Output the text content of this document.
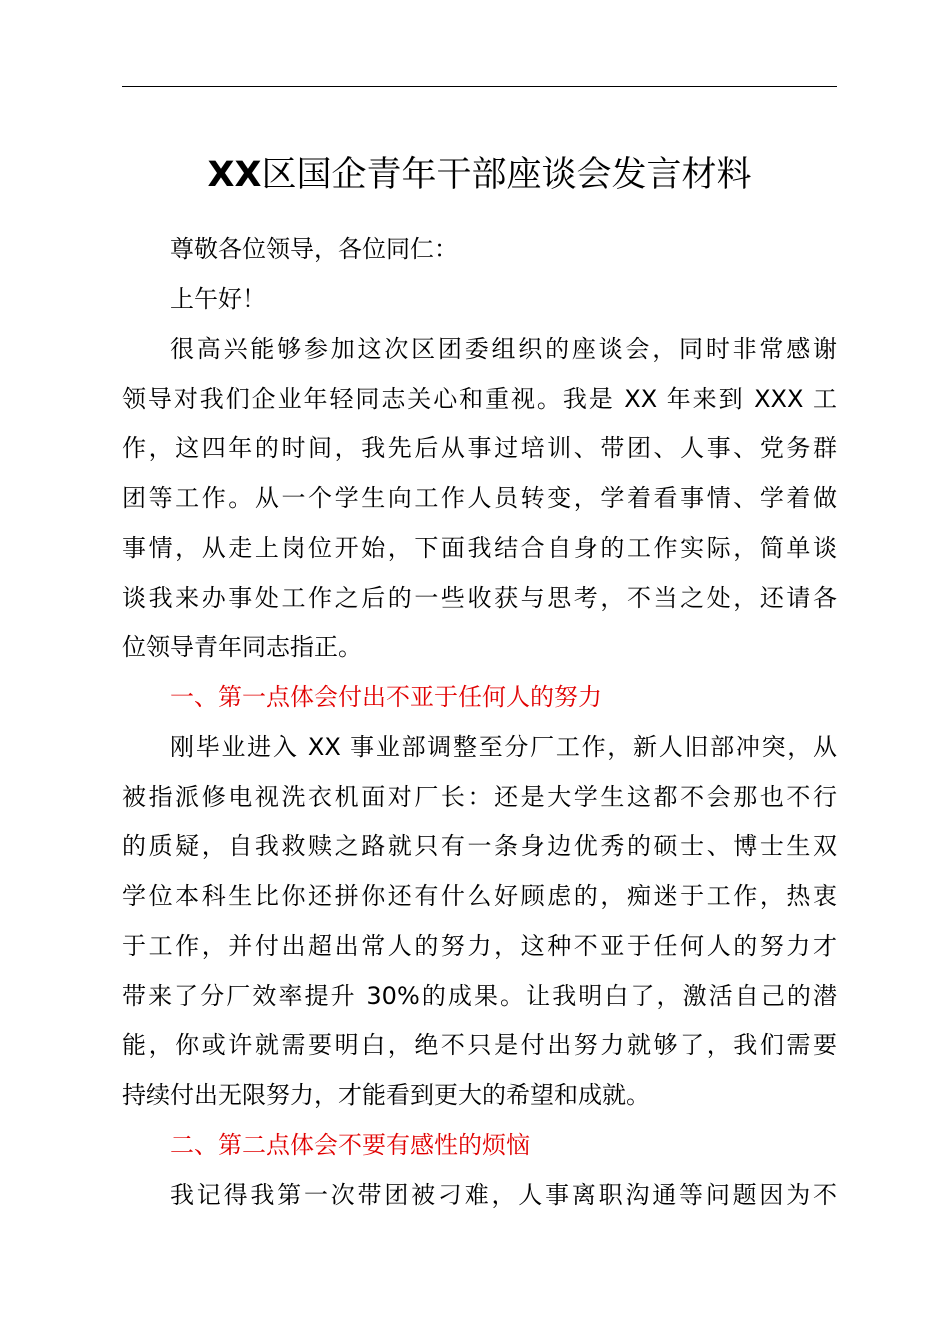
XX区国企青年干部座谈会发言材料
尊敬各位领导，各位同仁：
上午好！
很高兴能够参加这次区团委组织的座谈会，同时非常感谢
领导对我们企业年轻同志关心和重视。我是 XX 年来到 XXX 工
作，这四年的时间，我先后从事过培训、带团、人事、党务群
团等工作。从一个学生向工作人员转变，学着看事情、学着做
事情，从走上岗位开始，下面我结合自身的工作实际，简单谈
谈我来办事处工作之后的一些收获与思考，不当之处，还请各
位领导青年同志指正。
一、第一点体会付出不亚于任何人的努力
刚毕业进入 XX 事业部调整至分厂工作，新人旧部冲突，从
被指派修电视洗衣机面对厂长：还是大学生这都不会那也不行
的质疑，自我救赎之路就只有一条身边优秀的硕士、博士生双
学位本科生比你还拼你还有什么好顾虑的，痴迷于工作，热衷
于工作，并付出超出常人的努力，这种不亚于任何人的努力才
带来了分厂效率提升 30%的成果。让我明白了，激活自己的潜
能，你或许就需要明白，绝不只是付出努力就够了，我们需要
持续付出无限努力，才能看到更大的希望和成就。
二、第二点体会不要有感性的烦恼
我记得我第一次带团被刁难，人事离职沟通等问题因为不
